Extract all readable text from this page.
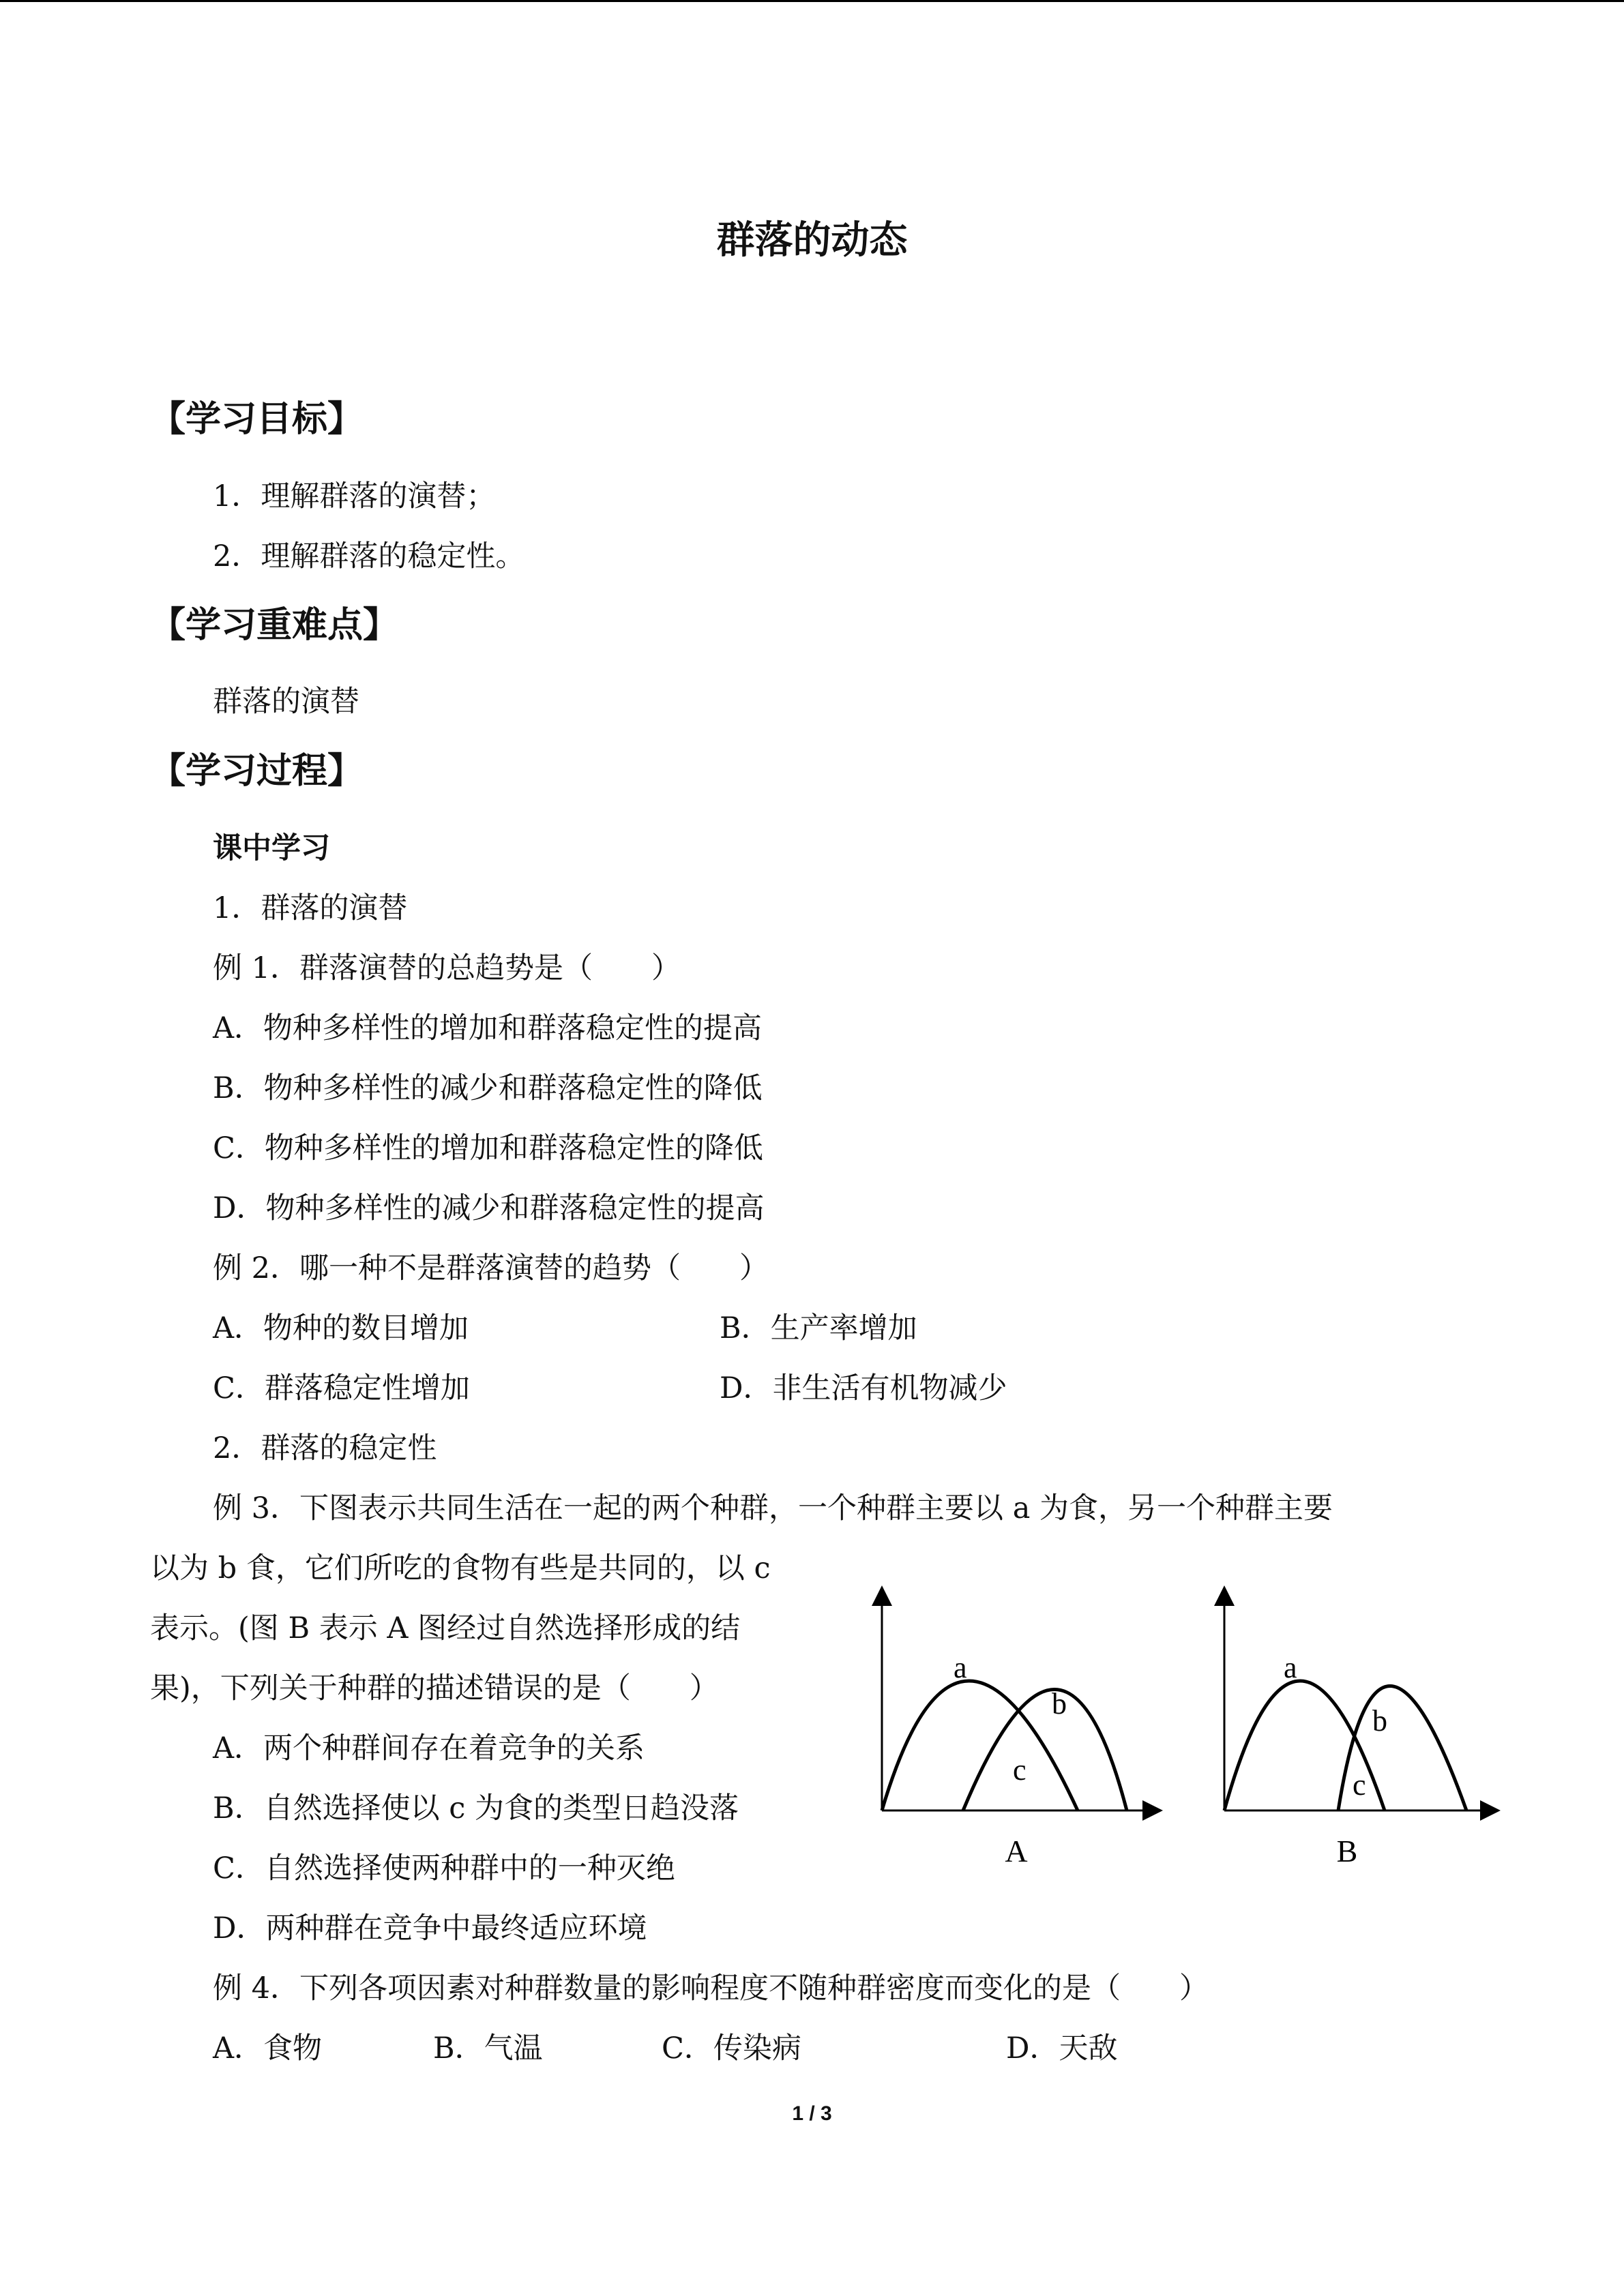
群落的动态
【学习目标】
1．理解群落的演替；
2．理解群落的稳定性。
【学习重难点】
群落的演替
【学习过程】
课中学习
1．群落的演替
例 1．群落演替的总趋势是（　　）
A．物种多样性的增加和群落稳定性的提高
B．物种多样性的减少和群落稳定性的降低
C．物种多样性的增加和群落稳定性的降低
D．物种多样性的减少和群落稳定性的提高
例 2．哪一种不是群落演替的趋势（　　）
A．物种的数目增加	B．生产率增加
C．群落稳定性增加	D．非生活有机物减少
2．群落的稳定性
例 3．下图表示共同生活在一起的两个种群，一个种群主要以 a 为食，另一个种群主要
以为 b 食，它们所吃的食物有些是共同的，以 c
表示。(图 B 表示 A 图经过自然选择形成的结
果)，下列关于种群的描述错误的是（　　）
A．两个种群间存在着竞争的关系
B．自然选择使以 c 为食的类型日趋没落
C．自然选择使两种群中的一种灭绝
D．两种群在竞争中最终适应环境
例 4．下列各项因素对种群数量的影响程度不随种群密度而变化的是（　　）
A．食物	B．气温	C．传染病	D．天敌
a
b
c
A
a
b
c
B
1 / 3
